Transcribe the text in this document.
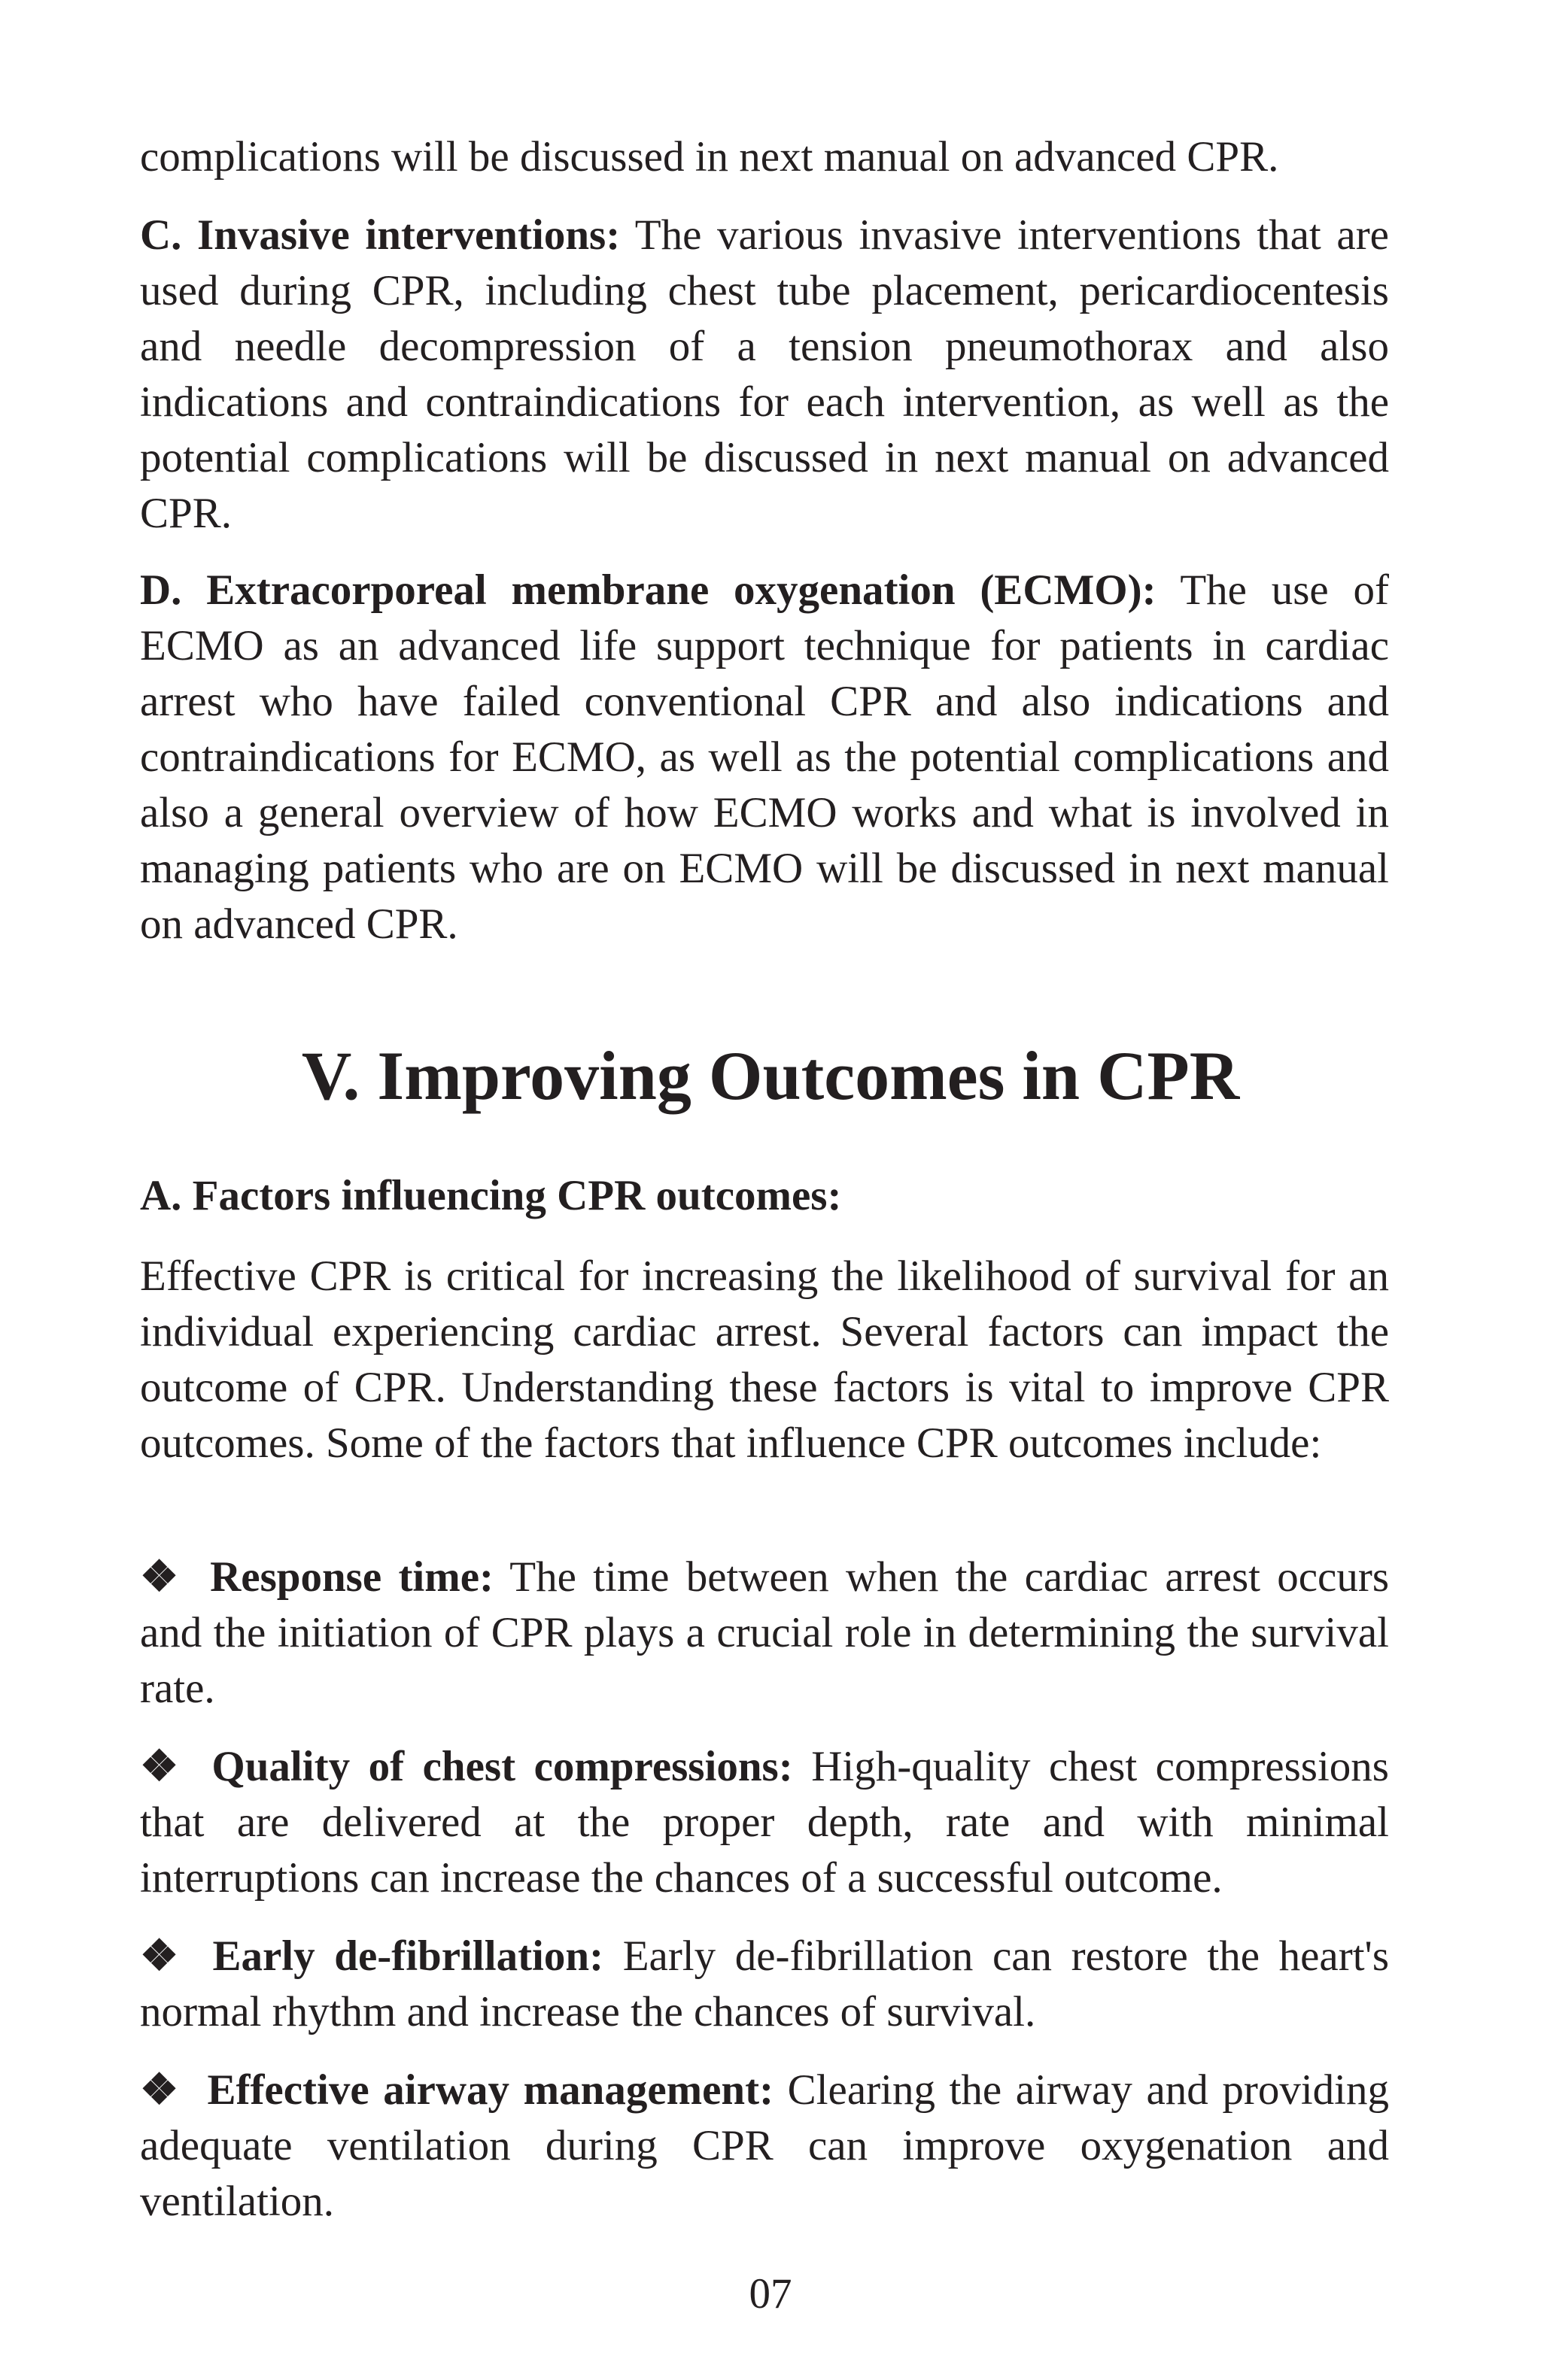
complications will be discussed in next manual on advanced CPR.

C. Invasive interventions: The various invasive interventions that are used during CPR, including chest tube placement, pericardiocentesis and needle decompression of a tension pneumothorax and also indications and contraindications for each intervention, as well as the potential complications will be discussed in next manual on advanced CPR.

D. Extracorporeal membrane oxygenation (ECMO): The use of ECMO as an advanced life support technique for patients in cardiac arrest who have failed conventional CPR and also indications and contraindications for ECMO, as well as the potential complications and also a general overview of how ECMO works and what is involved in managing patients who are on ECMO will be discussed in next manual on advanced CPR.

V. Improving Outcomes in CPR
A. Factors influencing CPR outcomes:

Effective CPR is critical for increasing the likelihood of survival for an individual experiencing cardiac arrest. Several factors can impact the outcome of CPR. Understanding these factors is vital to improve CPR outcomes. Some of the factors that influence CPR outcomes include:

❖ Response time: The time between when the cardiac arrest occurs and the initiation of CPR plays a crucial role in determining the survival rate.

❖ Quality of chest compressions: High-quality chest compressions that are delivered at the proper depth, rate and with minimal interruptions can increase the chances of a successful outcome.

❖ Early de-fibrillation: Early de-fibrillation can restore the heart's normal rhythm and increase the chances of survival.

❖ Effective airway management: Clearing the airway and providing adequate ventilation during CPR can improve oxygenation and ventilation.

07
